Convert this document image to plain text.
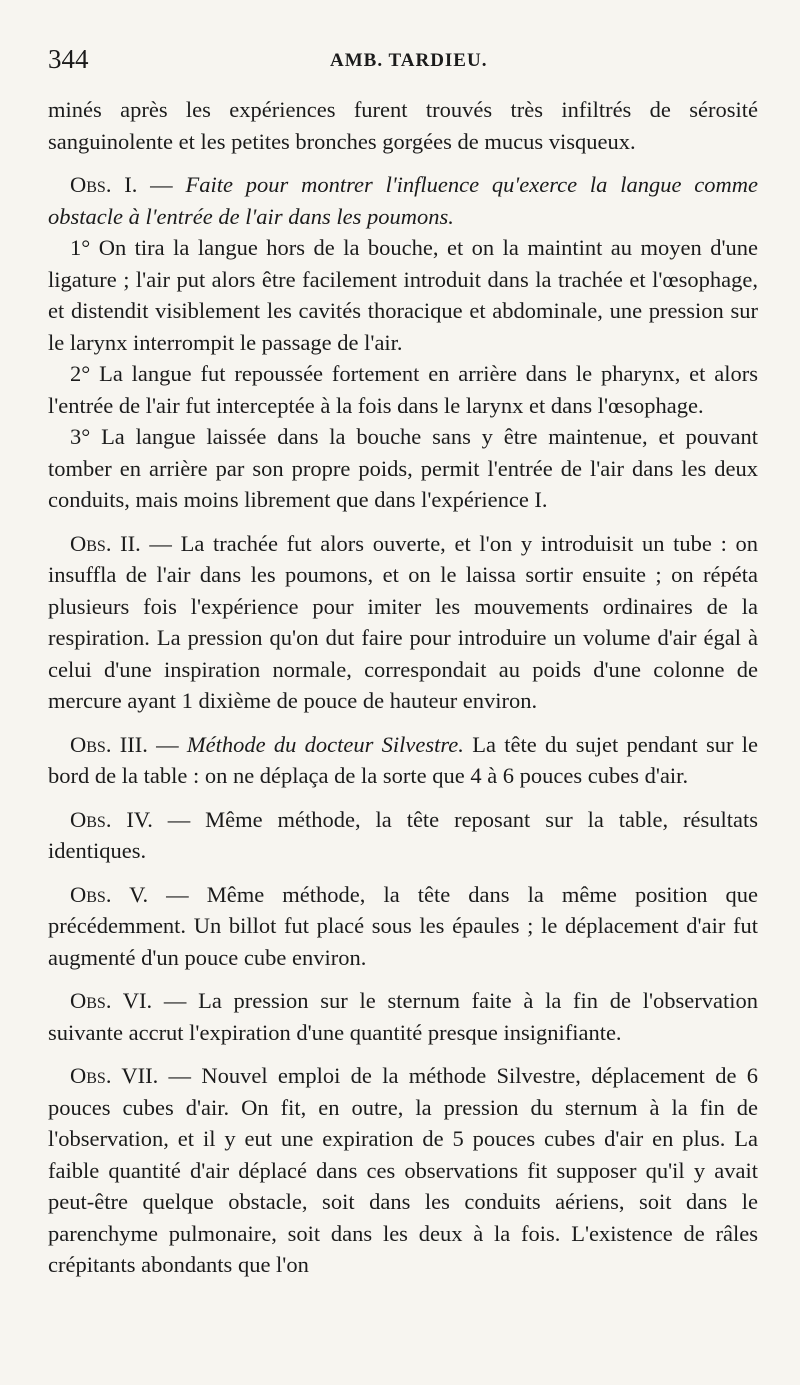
344	AMB. TARDIEU.

minés après les expériences furent trouvés très infiltrés de sérosité sanguinolente et les petites bronches gorgées de mucus visqueux.

Obs. I. — Faite pour montrer l'influence qu'exerce la langue comme obstacle à l'entrée de l'air dans les poumons.

1° On tira la langue hors de la bouche, et on la maintint au moyen d'une ligature ; l'air put alors être facilement introduit dans la trachée et l'œsophage, et distendit visiblement les cavités thoracique et abdominale, une pression sur le larynx interrompit le passage de l'air.

2° La langue fut repoussée fortement en arrière dans le pharynx, et alors l'entrée de l'air fut interceptée à la fois dans le larynx et dans l'œsophage.

3° La langue laissée dans la bouche sans y être maintenue, et pouvant tomber en arrière par son propre poids, permit l'entrée de l'air dans les deux conduits, mais moins librement que dans l'expérience I.

Obs. II. — La trachée fut alors ouverte, et l'on y introduisit un tube : on insuffla de l'air dans les poumons, et on le laissa sortir ensuite ; on répéta plusieurs fois l'expérience pour imiter les mouvements ordinaires de la respiration. La pression qu'on dut faire pour introduire un volume d'air égal à celui d'une inspiration normale, correspondait au poids d'une colonne de mercure ayant 1 dixième de pouce de hauteur environ.

Obs. III. — Méthode du docteur Silvestre. La tête du sujet pendant sur le bord de la table : on ne déplaça de la sorte que 4 à 6 pouces cubes d'air.

Obs. IV. — Même méthode, la tête reposant sur la table, résultats identiques.

Obs. V. — Même méthode, la tête dans la même position que précédemment. Un billot fut placé sous les épaules ; le déplacement d'air fut augmenté d'un pouce cube environ.

Obs. VI. — La pression sur le sternum faite à la fin de l'observation suivante accrut l'expiration d'une quantité presque insignifiante.

Obs. VII. — Nouvel emploi de la méthode Silvestre, déplacement de 6 pouces cubes d'air. On fit, en outre, la pression du sternum à la fin de l'observation, et il y eut une expiration de 5 pouces cubes d'air en plus. La faible quantité d'air déplacé dans ces observations fit supposer qu'il y avait peut-être quelque obstacle, soit dans les conduits aériens, soit dans le parenchyme pulmonaire, soit dans les deux à la fois. L'existence de râles crépitants abondants que l'on
